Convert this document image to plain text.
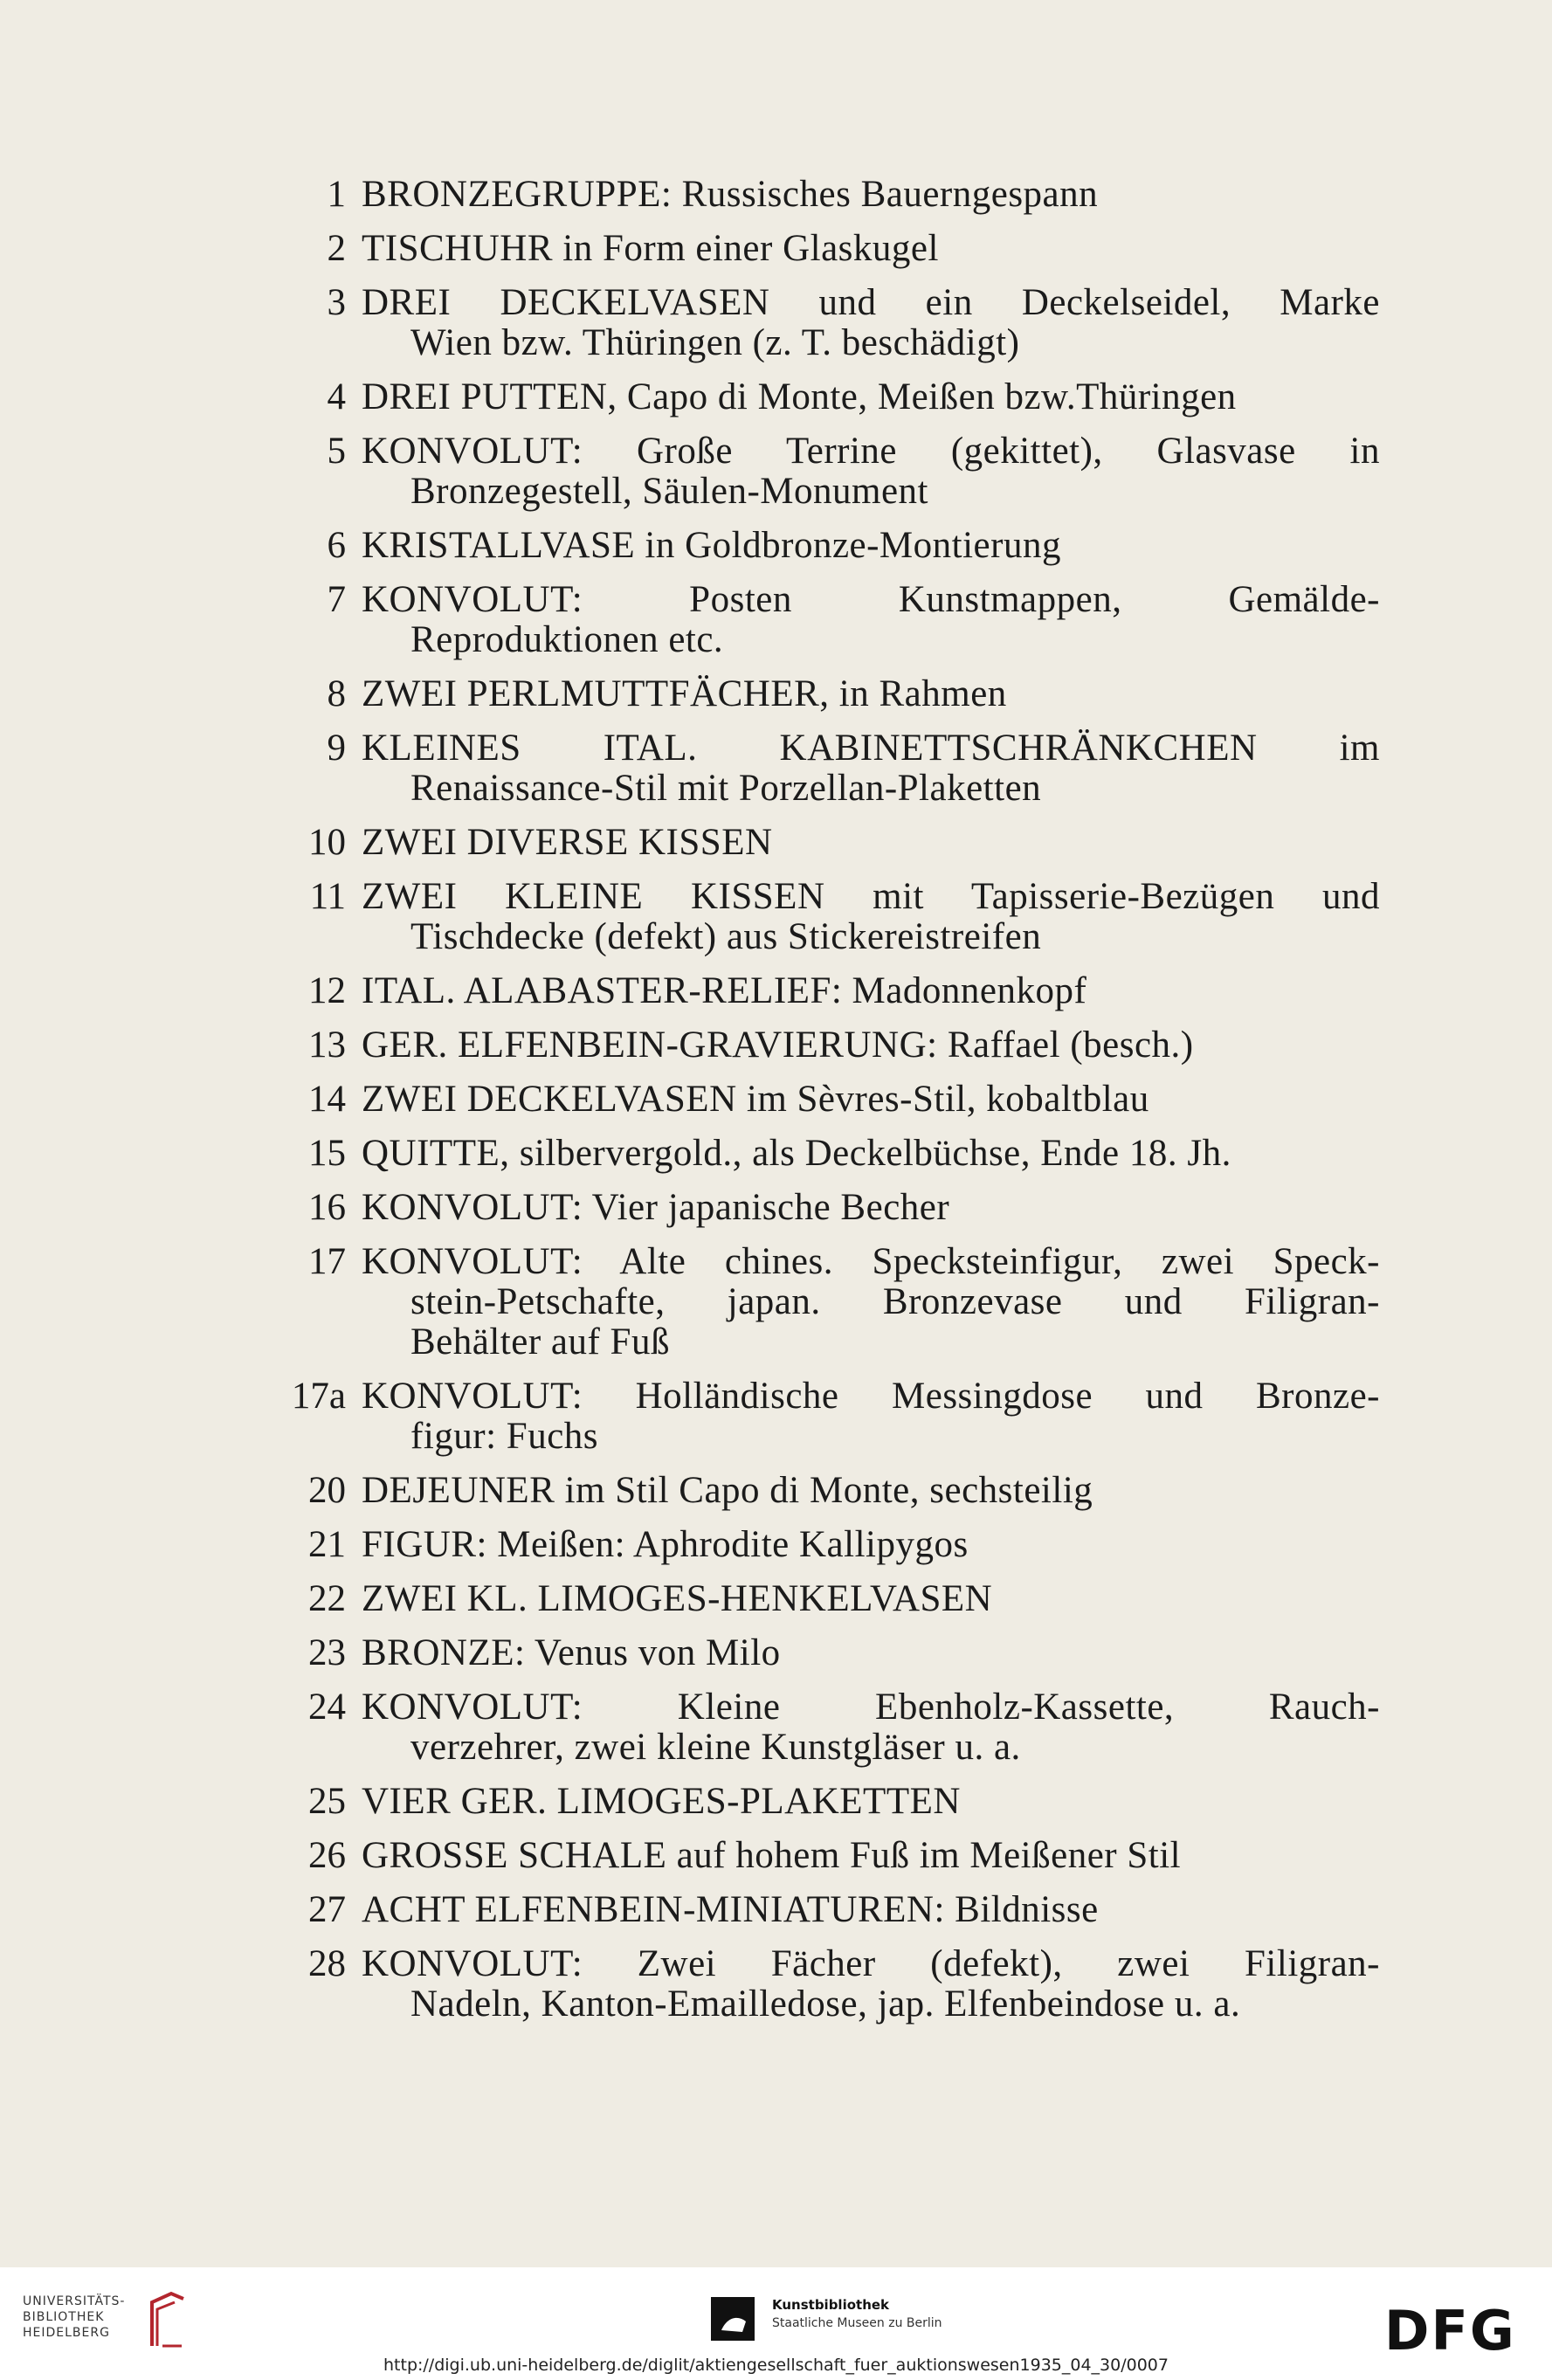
1 BRONZEGRUPPE: Russisches Bauerngespann
2 TISCHUHR in Form einer Glaskugel
3 DREI DECKELVASEN und ein Deckelseidel, Marke
Wien bzw. Thüringen (z. T. beschädigt)
4 DREI PUTTEN, Capo di Monte, Meißen bzw.Thüringen
5 KONVOLUT: Große Terrine (gekittet), Glasvase in
Bronzegestell, Säulen-Monument
6 KRISTALLVASE in Goldbronze-Montierung
7 KONVOLUT: Posten Kunstmappen, Gemälde-
Reproduktionen etc.
8 ZWEI PERLMUTTFÄCHER, in Rahmen
9 KLEINES ITAL. KABINETTSCHRÄNKCHEN im
Renaissance-Stil mit Porzellan-Plaketten
10 ZWEI DIVERSE KISSEN
11 ZWEI KLEINE KISSEN mit Tapisserie-Bezügen und
Tischdecke (defekt) aus Stickereistreifen
12 ITAL. ALABASTER-RELIEF: Madonnenkopf
13 GER. ELFENBEIN-GRAVIERUNG: Raffael (besch.)
14 ZWEI DECKELVASEN im Sèvres-Stil, kobaltblau
15 QUITTE, silbervergold., als Deckelbüchse, Ende 18. Jh.
16 KONVOLUT: Vier japanische Becher
17 KONVOLUT: Alte chines. Specksteinfigur, zwei Speck-
stein-Petschafte, japan. Bronzevase und Filigran-
Behälter auf Fuß
17a KONVOLUT: Holländische Messingdose und Bronze-
figur: Fuchs
20 DEJEUNER im Stil Capo di Monte, sechsteilig
21 FIGUR: Meißen: Aphrodite Kallipygos
22 ZWEI KL. LIMOGES-HENKELVASEN
23 BRONZE: Venus von Milo
24 KONVOLUT: Kleine Ebenholz-Kassette, Rauch-
verzehrer, zwei kleine Kunstgläser u. a.
25 VIER GER. LIMOGES-PLAKETTEN
26 GROSSE SCHALE auf hohem Fuß im Meißener Stil
27 ACHT ELFENBEIN-MINIATUREN: Bildnisse
28 KONVOLUT: Zwei Fächer (defekt), zwei Filigran-
Nadeln, Kanton-Emailledose, jap. Elfenbeindose u. a.
UNIVERSITÄTS-
BIBLIOTHEK
HEIDELBERG
Kunstbibliothek
Staatliche Museen zu Berlin	DFG
http://digi.ub.uni-heidelberg.de/diglit/aktiengesellschaft_fuer_auktionswesen1935_04_30/0007
